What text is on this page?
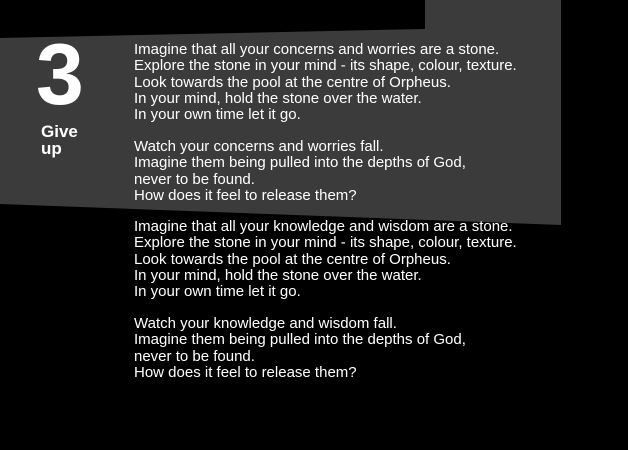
3
Give
up
Imagine that all your concerns and worries are a stone.
Explore the stone in your mind - its shape, colour, texture.
Look towards the pool at the centre of Orpheus.
In your mind, hold the stone over the water.
In your own time let it go.
Watch your concerns and worries fall.
Imagine them being pulled into the depths of God,
never to be found.
How does it feel to release them?
Imagine that all your knowledge and wisdom are a stone.
Explore the stone in your mind - its shape, colour, texture.
Look towards the pool at the centre of Orpheus.
In your mind, hold the stone over the water.
In your own time let it go.
Watch your knowledge and wisdom fall.
Imagine them being pulled into the depths of God,
never to be found.
How does it feel to release them?
